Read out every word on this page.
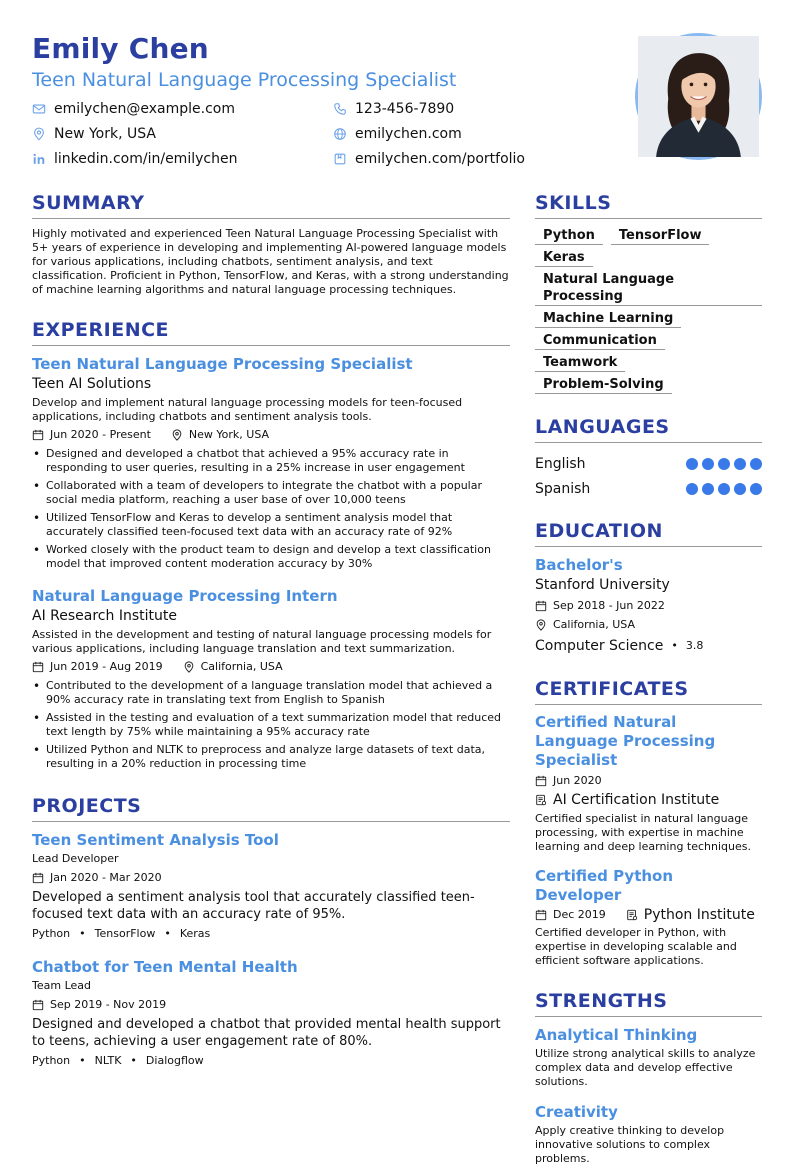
Emily Chen
Teen Natural Language Processing Specialist
emilychen@example.com	123-456-7890
New York, USA	emilychen.com
linkedin.com/in/emilychen	emilychen.com/portfolio
SUMMARY
Highly motivated and experienced Teen Natural Language Processing Specialist with 5+ years of experience in developing and implementing AI-powered language models for various applications, including chatbots, sentiment analysis, and text classification. Proficient in Python, TensorFlow, and Keras, with a strong understanding of machine learning algorithms and natural language processing techniques.
EXPERIENCE
Teen Natural Language Processing Specialist
Teen AI Solutions
Develop and implement natural language processing models for teen-focused applications, including chatbots and sentiment analysis tools.
Jun 2020 - Present	New York, USA
• Designed and developed a chatbot that achieved a 95% accuracy rate in responding to user queries, resulting in a 25% increase in user engagement
• Collaborated with a team of developers to integrate the chatbot with a popular social media platform, reaching a user base of over 10,000 teens
• Utilized TensorFlow and Keras to develop a sentiment analysis model that accurately classified teen-focused text data with an accuracy rate of 92%
• Worked closely with the product team to design and develop a text classification model that improved content moderation accuracy by 30%
Natural Language Processing Intern
AI Research Institute
Assisted in the development and testing of natural language processing models for various applications, including language translation and text summarization.
Jun 2019 - Aug 2019	California, USA
• Contributed to the development of a language translation model that achieved a 90% accuracy rate in translating text from English to Spanish
• Assisted in the testing and evaluation of a text summarization model that reduced text length by 75% while maintaining a 95% accuracy rate
• Utilized Python and NLTK to preprocess and analyze large datasets of text data, resulting in a 20% reduction in processing time
PROJECTS
Teen Sentiment Analysis Tool
Lead Developer
Jan 2020 - Mar 2020
Developed a sentiment analysis tool that accurately classified teen-focused text data with an accuracy rate of 95%.
Python • TensorFlow • Keras
Chatbot for Teen Mental Health
Team Lead
Sep 2019 - Nov 2019
Designed and developed a chatbot that provided mental health support to teens, achieving a user engagement rate of 80%.
Python • NLTK • Dialogflow
SKILLS
Python	TensorFlow
Keras
Natural Language Processing
Machine Learning
Communication
Teamwork
Problem-Solving
LANGUAGES
English
Spanish
EDUCATION
Bachelor's
Stanford University
Sep 2018 - Jun 2022
California, USA
Computer Science • 3.8
CERTIFICATES
Certified Natural Language Processing Specialist
Jun 2020
AI Certification Institute
Certified specialist in natural language processing, with expertise in machine learning and deep learning techniques.
Certified Python Developer
Dec 2019	Python Institute
Certified developer in Python, with expertise in developing scalable and efficient software applications.
STRENGTHS
Analytical Thinking
Utilize strong analytical skills to analyze complex data and develop effective solutions.
Creativity
Apply creative thinking to develop innovative solutions to complex problems.
